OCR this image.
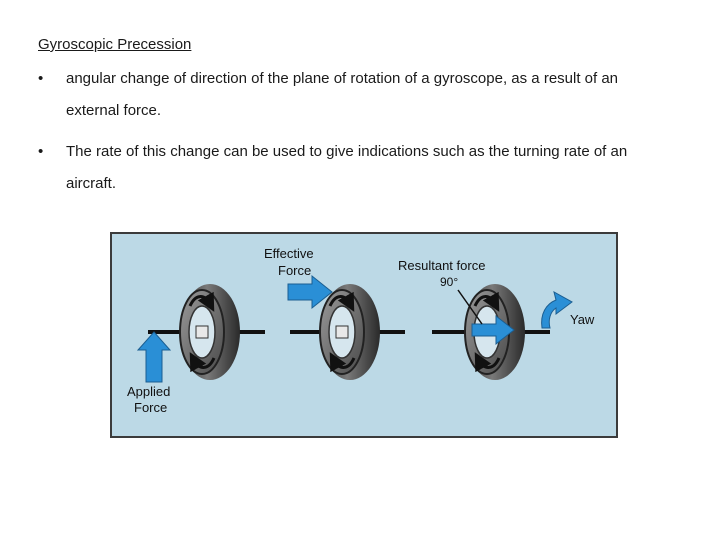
Gyroscopic Precession
• angular change of direction of the plane of rotation of a gyroscope, as a result of an external force.
• The rate of this change can be used to give indications such as the turning rate of an aircraft.
Applied
Force
Effective
Force	Resultant force
90°
Yaw
